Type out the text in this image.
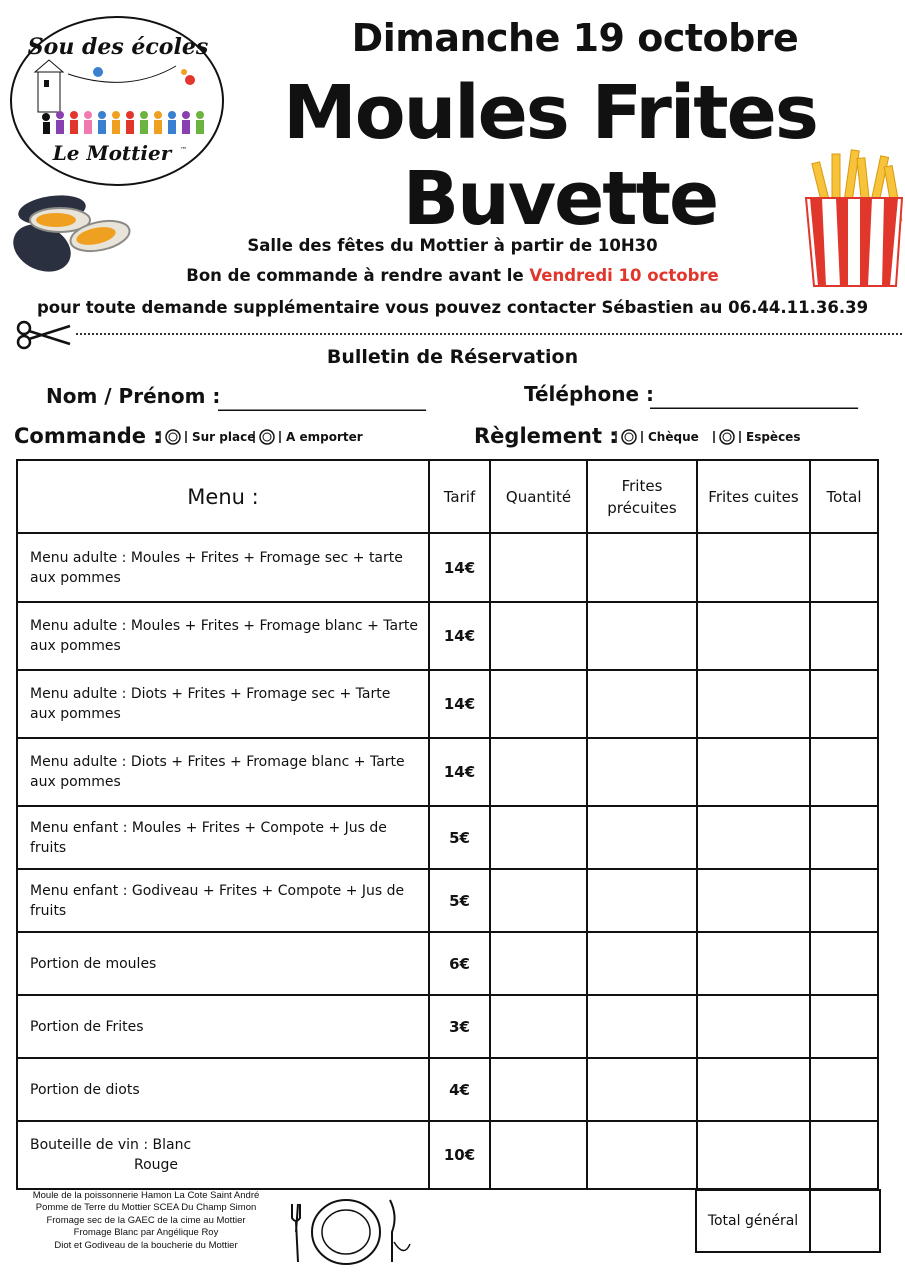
Sou des écoles
Le Mottier ™
Dimanche 19 octobre
Moules Frites
Buvette
Salle des fêtes du Mottier à partir de 10H30
Bon de commande à rendre avant le Vendredi 10 octobre
pour toute demande supplémentaire vous pouvez contacter Sébastien au 06.44.11.36.39
Bulletin de Réservation
Nom / Prénom :
________________________	Téléphone :
________________________
Commande :	Sur place	A emporter	Règlement :	Chèque	Espèces
Menu :	Tarif	Quantité	Frites précuites	Frites cuites	Total
Menu adulte : Moules + Frites + Fromage sec + tarte aux pommes	14€				
Menu adulte : Moules + Frites + Fromage blanc + Tarte aux pommes	14€				
Menu adulte : Diots + Frites + Fromage sec + Tarte aux pommes	14€				
Menu adulte : Diots + Frites + Fromage blanc + Tarte aux pommes	14€				
Menu enfant : Moules + Frites + Compote + Jus de fruits	5€				
Menu enfant : Godiveau + Frites + Compote + Jus de fruits	5€				
Portion de moules	6€				
Portion de Frites	3€				
Portion de diots	4€				
Bouteille de vin : Blanc
Rouge	10€				
Moule de la poissonnerie Hamon La Cote Saint André
Pomme de Terre du Mottier SCEA Du Champ Simon
Fromage sec de la GAEC de la cime au Mottier
Fromage Blanc par Angélique Roy
Diot et Godiveau de la boucherie du Mottier
Total général	
